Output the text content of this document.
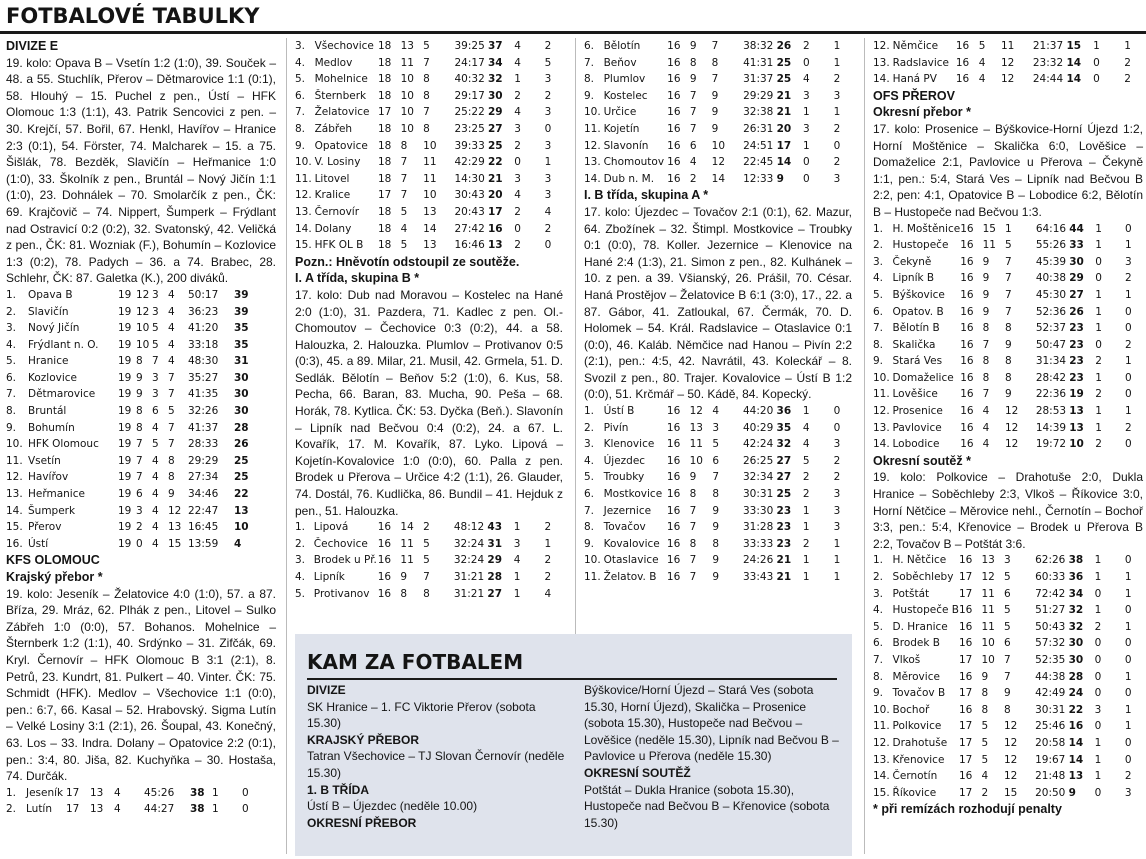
FOTBALOVÉ TABULKY
DIVIZE E

19. kolo: Opava B – Vsetín 1:2 (1:0), 39. Souček – 48. a 55. Stuchlík, Přerov – Dětmarovice 1:1 (0:1), 58. Hlouhý – 15. Puchel z pen., Ústí – HFK Olomouc 1:3 (1:1), 43. Patrik Sencovici z pen. – 30. Krejčí, 57. Bořil, 67. Henkl, Havířov – Hranice 2:3 (0:1), 54. Förster, 74. Malcharek – 15. a 75. Šišlák, 78. Bezděk, Slavičín – Heřmanice 1:0 (1:0), 33. Školník z pen., Bruntál – Nový Jičín 1:1 (1:0), 23. Dohnálek – 70. Smolarčík z pen., ČK: 69. Krajčovič – 74. Nippert, Šumperk – Frýdlant nad Ostravicí 0:2 (0:2), 32. Svatonský, 42. Veličká z pen., ČK: 81. Wozniak (F.), Bohumín – Kozlovice 1:3 (0:2), 78. Padych – 36. a 74. Brabec, 28. Schlehr, ČK: 87. Galetka (K.), 200 diváků.

1.	Opava B	19	12	3	4	50:17	39
2.	Slavičín	19	12	3	4	36:23	39
3.	Nový Jičín	19	10	5	4	41:20	35
4.	Frýdlant n. O.	19	10	5	4	33:18	35
5.	Hranice	19	8	7	4	48:30	31
6.	Kozlovice	19	9	3	7	35:27	30
7.	Dětmarovice	19	9	3	7	41:35	30
8.	Bruntál	19	8	6	5	32:26	30
9.	Bohumín	19	8	4	7	41:37	28
10.	HFK Olomouc	19	7	5	7	28:33	26
11.	Vsetín	19	7	4	8	29:29	25
12.	Havířov	19	7	4	8	27:34	25
13.	Heřmanice	19	6	4	9	34:46	22
14.	Šumperk	19	3	4	12	22:47	13
15.	Přerov	19	2	4	13	16:45	10
16.	Ústí	19	0	4	15	13:59	4
KFS OLOMOUC
Krajský přebor *

19. kolo: Jeseník – Želatovice 4:0 (1:0), 57. a 87. Bříza, 29. Mráz, 62. Plhák z pen., Litovel – Sulko Zábřeh 1:0 (0:0), 57. Bohanos. Mohelnice – Šternberk 1:2 (1:1), 40. Srdýnko – 31. Zifčák, 69. Kryl. Černovír – HFK Olomouc B 3:1 (2:1), 8. Petrů, 23. Kundrt, 81. Pulkert – 40. Vinter. ČK: 75. Schmidt (HFK). Medlov – Všechovice 1:1 (0:0), pen.: 6:7, 66. Kasal – 52. Hrabovský. Sigma Lutín – Velké Losiny 3:1 (2:1), 26. Šoupal, 43. Konečný, 63. Los – 33. Indra. Dolany – Opatovice 2:2 (0:1), pen.: 3:4, 80. Jiša, 82. Kuchyňka – 30. Hostaša, 74. Durčák.

1.	Jeseník	17	13	4	45:26	38	1	0
2.	Lutín	17	13	4	44:27	38	1	0
3.	Všechovice	18	13	5	39:25	37	4	2
4.	Medlov	18	11	7	24:17	34	4	5
5.	Mohelnice	18	10	8	40:32	32	1	3
6.	Šternberk	18	10	8	29:17	30	2	2
7.	Želatovice	17	10	7	25:22	29	4	3
8.	Zábřeh	18	10	8	23:25	27	3	0
9.	Opatovice	18	8	10	39:33	25	2	3
10.	V. Losiny	18	7	11	42:29	22	0	1
11.	Litovel	18	7	11	14:30	21	3	3
12.	Kralice	17	7	10	30:43	20	4	3
13.	Černovír	18	5	13	20:43	17	2	4
14.	Dolany	18	4	14	27:42	16	0	2
15.	HFK OL B	18	5	13	16:46	13	2	0
Pozn.: Hněvotín odstoupil ze soutěže.
I. A třída, skupina B *

17. kolo: Dub nad Moravou – Kostelec na Hané 2:0 (1:0), 31. Pazdera, 71. Kadlec z pen. Ol.-Chomoutov – Čechovice 0:3 (0:2), 44. a 58. Halouzka, 2. Halouzka. Plumlov – Protivanov 0:5 (0:3), 45. a 89. Milar, 21. Musil, 42. Grmela, 51. D. Sedlák. Bělotín – Beňov 5:2 (1:0), 6. Kus, 58. Pecha, 66. Baran, 83. Mucha, 90. Peša – 68. Horák, 78. Kytlica. ČK: 53. Dyčka (Beň.). Slavonín – Lipník nad Bečvou 0:4 (0:2), 24. a 67. L. Kovařík, 17. M. Kovařík, 87. Lyko. Lipová – Kojetín-Kovalovice 1:0 (0:0), 60. Palla z pen. Brodek u Přerova – Určice 4:2 (1:1), 26. Glauder, 74. Dostál, 76. Kudlička, 86. Bundil – 41. Hejduk z pen., 51. Halouzka.

1.	Lipová	16	14	2	48:12	43	1	2
2.	Čechovice	16	11	5	32:24	31	3	1
3.	Brodek u Př.	16	11	5	32:24	29	4	2
4.	Lipník	16	9	7	31:21	28	1	2
5.	Protivanov	16	8	8	31:21	27	1	4
6.	Bělotín	16	9	7	38:32	26	2	1
7.	Beňov	16	8	8	41:31	25	0	1
8.	Plumlov	16	9	7	31:37	25	4	2
9.	Kostelec	16	7	9	29:29	21	3	3
10.	Určice	16	7	9	32:38	21	1	1
11.	Kojetín	16	7	9	26:31	20	3	2
12.	Slavonín	16	6	10	24:51	17	1	0
13.	Chomoutov	16	4	12	22:45	14	0	2
14.	Dub n. M.	16	2	14	12:33	9	0	3
I. B třída, skupina A *

17. kolo: Újezdec – Tovačov 2:1 (0:1), 62. Mazur, 64. Zbožínek – 32. Štimpl. Mostkovice – Troubky 0:1 (0:0), 78. Koller. Jezernice – Klenovice na Hané 2:4 (1:3), 21. Simon z pen., 82. Kulhánek – 10. z pen. a 39. Všianský, 26. Prášil, 70. César. Haná Prostějov – Želatovice B 6:1 (3:0), 17., 22. a 87. Gábor, 41. Zatloukal, 67. Čermák, 70. D. Holomek – 54. Král. Radslavice – Otaslavice 0:1 (0:0), 46. Kaláb. Němčice nad Hanou – Pivín 2:2 (2:1), pen.: 4:5, 42. Navrátil, 43. Koleckář – 8. Svozil z pen., 80. Trajer. Kovalovice – Ústí B 1:2 (0:0), 51. Krčmář – 50. Kádě, 84. Kopecký.

1.	Ústí B	16	12	4	44:20	36	1	0
2.	Pivín	16	13	3	40:29	35	4	0
3.	Klenovice	16	11	5	42:24	32	4	3
4.	Újezdec	16	10	6	26:25	27	5	2
5.	Troubky	16	9	7	32:34	27	2	2
6.	Mostkovice	16	8	8	30:31	25	2	3
7.	Jezernice	16	7	9	33:30	23	1	3
8.	Tovačov	16	7	9	31:28	23	1	3
9.	Kovalovice	16	8	8	33:33	23	2	1
10.	Otaslavice	16	7	9	24:26	21	1	1
11.	Želatov. B	16	7	9	33:43	21	1	1
12.	Němčice	16	5	11	21:37	15	1	1
13.	Radslavice	16	4	12	23:32	14	0	2
14.	Haná PV	16	4	12	24:44	14	0	2
OFS PŘEROV
Okresní přebor *

17. kolo: Prosenice – Býškovice-Horní Újezd 1:2, Horní Moštěnice – Skalička 6:0, Lověšice – Domaželice 2:1, Pavlovice u Přerova – Čekyně 1:1, pen.: 5:4, Stará Ves – Lipník nad Bečvou B 2:2, pen: 4:1, Opatovice B – Lobodice 6:2, Bělotín B – Hustopeče nad Bečvou 1:3.

1.	H. Moštěnice	16	15	1	64:16	44	1	0
2.	Hustopeče	16	11	5	55:26	33	1	1
3.	Čekyně	16	9	7	45:39	30	0	3
4.	Lipník B	16	9	7	40:38	29	0	2
5.	Býškovice	16	9	7	45:30	27	1	1
6.	Opatov. B	16	9	7	52:36	26	1	0
7.	Bělotín B	16	8	8	52:37	23	1	0
8.	Skalička	16	7	9	50:47	23	0	2
9.	Stará Ves	16	8	8	31:34	23	2	1
10.	Domaželice	16	8	8	28:42	23	1	0
11.	Lověšice	16	7	9	22:36	19	2	0
12.	Prosenice	16	4	12	28:53	13	1	1
13.	Pavlovice	16	4	12	14:39	13	1	2
14.	Lobodice	16	4	12	19:72	10	2	0
Okresní soutěž *

19. kolo: Polkovice – Drahotuše 2:0, Dukla Hranice – Soběchleby 2:3, Vlkoš – Říkovice 3:0, Horní Nětčice – Měrovice nehl., Černotín – Bochoř 3:3, pen.: 5:4, Křenovice – Brodek u Přerova B 2:2, Tovačov B – Potštát 3:6.

1.	H. Nětčice	16	13	3	62:26	38	1	0
2.	Soběchleby	17	12	5	60:33	36	1	1
3.	Potštát	17	11	6	72:42	34	0	1
4.	Hustopeče B	16	11	5	51:27	32	1	0
5.	D. Hranice	16	11	5	50:43	32	2	1
6.	Brodek B	16	10	6	57:32	30	0	0
7.	Vlkoš	17	10	7	52:35	30	0	0
8.	Měrovice	16	9	7	44:38	28	0	1
9.	Tovačov B	17	8	9	42:49	24	0	0
10.	Bochoř	16	8	8	30:31	22	3	1
11.	Polkovice	17	5	12	25:46	16	0	1
12.	Drahotuše	17	5	12	20:58	14	1	0
13.	Křenovice	17	5	12	19:67	14	1	0
14.	Černotín	16	4	12	21:48	13	1	2
15.	Říkovice	17	2	15	20:50	9	0	3
* při remízách rozhodují penalty
KAM ZA FOTBALEM
DIVIZE
SK Hranice – 1. FC Viktorie Přerov (sobota 15.30)
KRAJSKÝ PŘEBOR
Tatran Všechovice – TJ Slovan Černovír (neděle 15.30)
1. B TŘÍDA
Ústí B – Újezdec (neděle 10.00)
OKRESNÍ PŘEBOR
Býškovice/Horní Újezd – Stará Ves (sobota 15.30, Horní Újezd), Skalička – Prosenice (sobota 15.30), Hustopeče nad Bečvou – Lověšice (neděle 15.30), Lipník nad Bečvou B – Pavlovice u Přerova (neděle 15.30)
OKRESNÍ SOUTĚŽ
Potštát – Dukla Hranice (sobota 15.30), Hustopeče nad Bečvou B – Křenovice (sobota 15.30)
